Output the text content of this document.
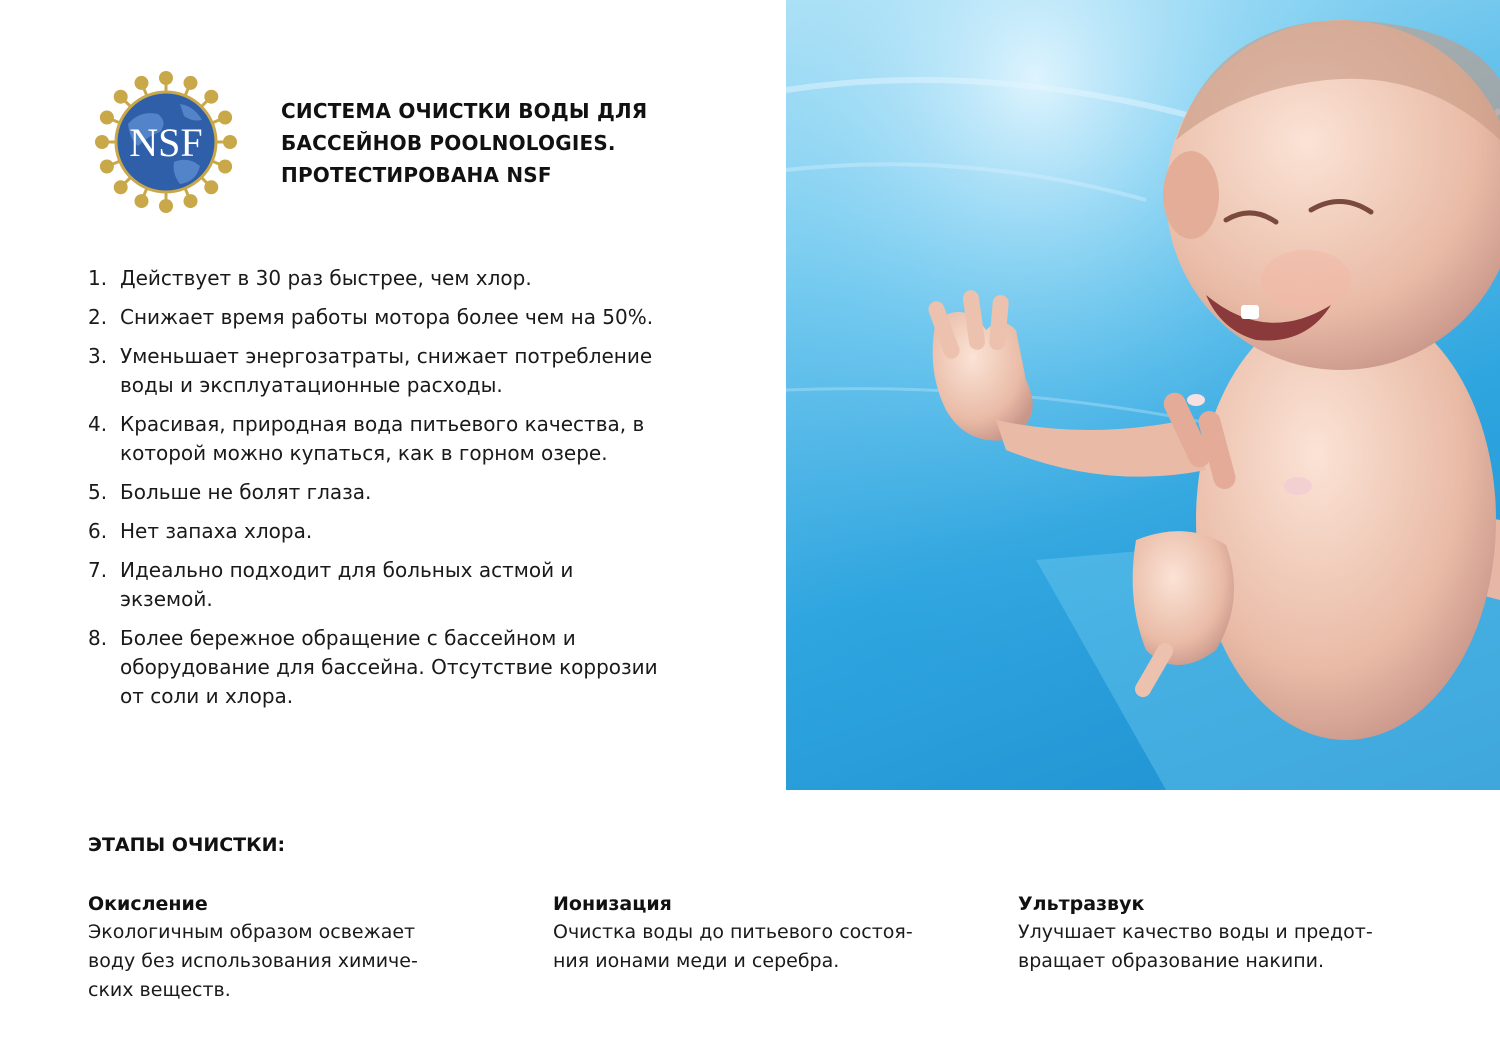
NSF
СИСТЕМА ОЧИСТКИ ВОДЫ ДЛЯ
БАССЕЙНОВ POOLNOLOGIES.
ПРОТЕСТИРОВАНА NSF
1. Действует в 30 раз быстрее, чем хлор.
2. Снижает время работы мотора более чем на 50%.
3. Уменьшает энергозатраты, снижает потребление
воды и эксплуатационные расходы.
4. Красивая, природная вода питьевого качества, в
которой можно купаться, как в горном озере.
5. Больше не болят глаза.
6. Нет запаха хлора.
7. Идеально подходит для больных астмой и
экземой.
8. Более бережное обращение с бассейном и
оборудование для бассейна. Отсутствие коррозии
от соли и хлора.
ЭТАПЫ ОЧИСТКИ:
Окисление

Экологичным образом освежает
воду без использования химиче-
ских веществ.

Ионизация

Очистка воды до питьевого состоя-
ния ионами меди и серебра.

Ультразвук

Улучшает качество воды и предот-
вращает образование накипи.
